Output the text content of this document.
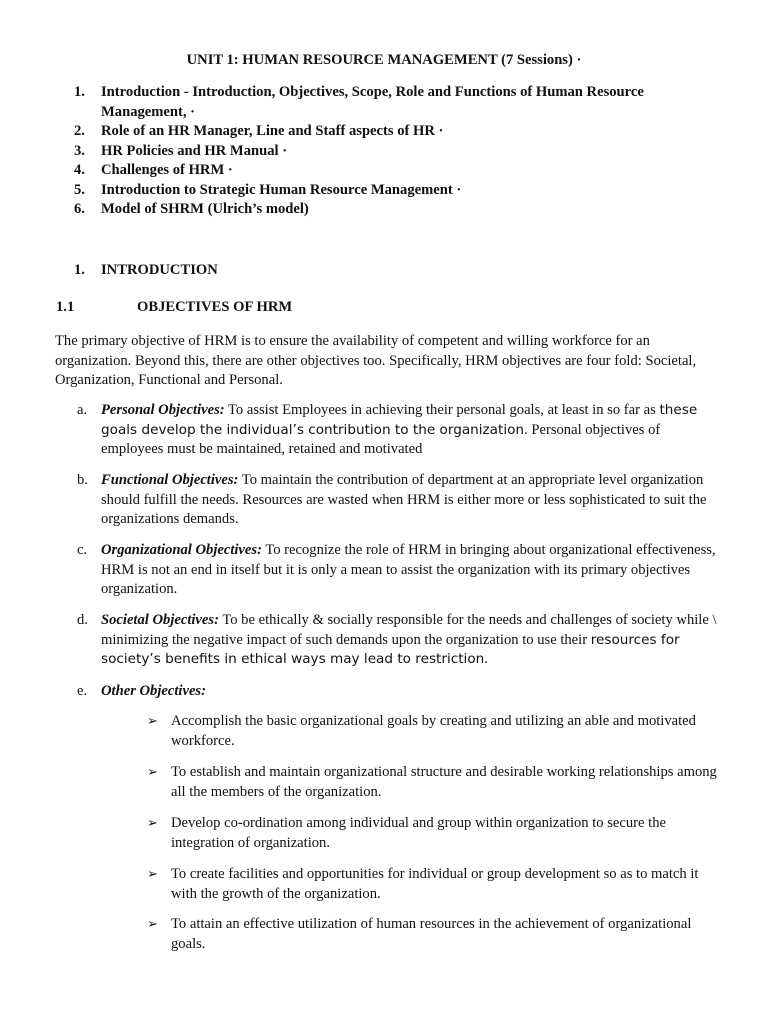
UNIT 1: HUMAN RESOURCE MANAGEMENT (7 Sessions) ·

1. Introduction - Introduction, Objectives, Scope, Role and Functions of Human Resource Management, ·
2. Role of an HR Manager, Line and Staff aspects of HR ·
3. HR Policies and HR Manual ·
4. Challenges of HRM ·
5. Introduction to Strategic Human Resource Management ·
6. Model of SHRM (Ulrich’s model)
1. INTRODUCTION
1.1	OBJECTIVES OF HRM

The primary objective of HRM is to ensure the availability of competent and willing workforce for an organization. Beyond this, there are other objectives too. Specifically, HRM objectives are four fold: Societal, Organization, Functional and Personal.

a. Personal Objectives: To assist Employees in achieving their personal goals, at least in so far as these goals develop the individual’s contribution to the organization. Personal objectives of employees must be maintained, retained and motivated
b. Functional Objectives: To maintain the contribution of department at an appropriate level organization should fulfill the needs. Resources are wasted when HRM is either more or less sophisticated to suit the organizations demands.
c. Organizational Objectives: To recognize the role of HRM in bringing about organizational effectiveness, HRM is not an end in itself but it is only a mean to assist the organization with its primary objectives organization.
d. Societal Objectives: To be ethically & socially responsible for the needs and challenges of society while \ minimizing the negative impact of such demands upon the organization to use their resources for society’s benefits in ethical ways may lead to restriction.
e. Other Objectives:
➢ Accomplish the basic organizational goals by creating and utilizing an able and motivated workforce.
➢ To establish and maintain organizational structure and desirable working relationships among all the members of the organization.
➢ Develop co-ordination among individual and group within organization to secure the integration of organization.
➢ To create facilities and opportunities for individual or group development so as to match it with the growth of the organization.
➢ To attain an effective utilization of human resources in the achievement of organizational goals.
